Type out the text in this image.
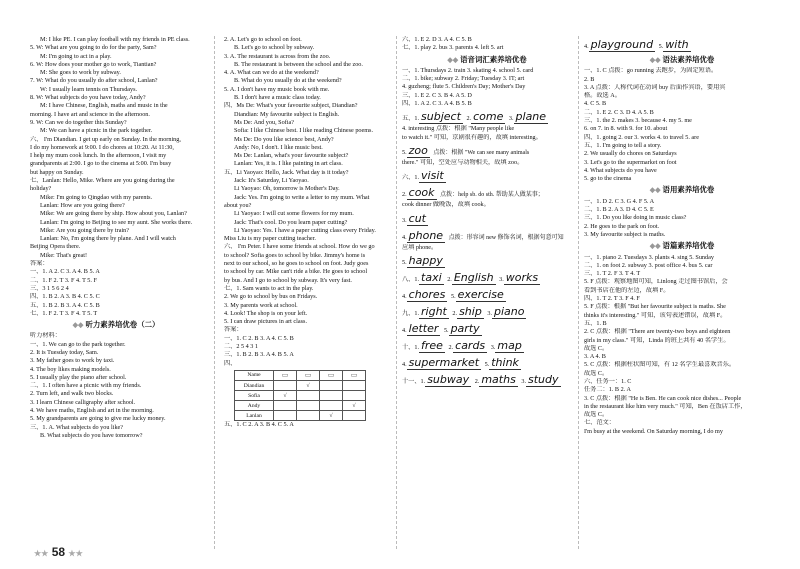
M: I like PE. I can play football with my friends in PE class.
5. W: What are you going to do for the party, Sam?
M: I'm going to act in a play.
6. W: How does your mother go to work, Tiantian?
M: She goes to work by subway.
7. W: What do you usually do after school, Lanlan?
W: I usually learn tennis on Thursdays.
8. W: What subjects do you have today, Andy?
M: I have Chinese, English, maths and music in the
morning. I have art and science in the afternoon.
9. W: Can we do together this Sunday?
M: We can have a picnic in the park together.
六、 I'm Diandian. I get up early on Sunday. In the morning,
I do my homework at 9:00. I do chores at 10:20. At 11:30,
I help my mum cook lunch. In the afternoon, I visit my
grandparents at 2:00. I go to the cinema at 5:00. I'm busy
but happy on Sunday.
七、Lanlan: Hello, Mike. Where are you going during the
holiday?
Mike: I'm going to Qingdao with my parents.
Lanlan: How are you going there?
Mike: We are going there by ship. How about you, Lanlan?
Lanlan: I'm going to Beijing to see my aunt. She works there.
Mike: Are you going there by train?
Lanlan: No, I'm going there by plane. And I will watch
Beijing Opera there.
Mike: That's great!
答案：
一、1. A 2. C 3. A 4. B 5. A
二、1. F 2. T 3. F 4. T 5. F
三、3 1 5 6 2 4
四、1. B 2. A 3. B 4. C 5. C
五、1. B 2. B 3. A 4. C 5. B
七、1. F 2. T 3. F 4. T 5. T
◆◆ 听力素养培优卷（二）
听力材料：
一、1. We can go to the park together.
2. It is Tuesday today, Sam.
3. My father goes to work by taxi.
4. The boy likes making models.
5. I usually play the piano after school.
二、1. I often have a picnic with my friends.
2. Turn left, and walk two blocks.
3. I learn Chinese calligraphy after school.
4. We have maths, English and art in the morning.
5. My grandparents are going to give me lucky money.
三、1. A. What subjects do you like?
B. What subjects do you have tomorrow?
2. A. Let's go to school on foot.
B. Let's go to school by subway.
3. A. The restaurant is across from the zoo.
B. The restaurant is between the school and the zoo.
4. A. What can we do at the weekend?
B. What do you usually do at the weekend?
5. A. I don't have my music book with me.
B. I don't have a music class today.
四、Ms De: What's your favourite subject, Diandian?
Diandian: My favourite subject is English.
Ms De: And you, Sofia?
Sofia: I like Chinese best. I like reading Chinese poems.
Ms De: Do you like science best, Andy?
Andy: No, I don't. I like music best.
Ms De: Lanlan, what's your favourite subject?
Lanlan: Yes, it is. I like painting in art class.
五、Li Yaoyao: Hello, Jack. What day is it today?
Jack: It's Saturday, Li Yaoyao.
Li Yaoyao: Oh, tomorrow is Mother's Day.
Jack: Yes. I'm going to write a letter to my mum. What
about you?
Li Yaoyao: I will cut some flowers for my mum.
Jack: That's cool. Do you learn paper cutting?
Li Yaoyao: Yes. I have a paper cutting class every Friday.
Miss Liu is my paper cutting teacher.
六、 I'm Peter. I have some friends at school. How do we go
to school? Sofia goes to school by bike. Jimmy's home is
next to our school, so he goes to school on foot. Judy goes
to school by car. Mike can't ride a bike. He goes to school
by bus. And I go to school by subway. It's very fast.
七、1. Sam wants to act in the play.
2. We go to school by bus on Fridays.
3. My parents work at school.
4. Look! The shop is on your left.
5. I can draw pictures in art class.
答案：
一、1. C 2. B 3. A 4. C 5. B
二、2 5 4 3 1
三、1. B 2. B 3. A 4. B 5. A
四、
Name	▭	▭	▭	▭
Diandian		√		
Sofia	√			
Andy				√
Lanlan			√	
五、1. C 2. A 3. B 4. C 5. A
六、1. E 2. D 3. A 4. C 5. B
七、1. play 2. bus 3. parents 4. left 5. art
◆◆ 语音词汇素养培优卷
一、1. Thursdays 2. train 3. skating 4. school 5. card
二、1. bike; subway 2. Friday; Tuesday 3. IT; art
4. guzheng; flute 5. Children's Day; Mother's Day
三、1. E 2. C 3. B 4. A 5. D
四、1. A 2. C 3. A 4. B 5. B
五、1. subject 2. come 3. plane
4. interesting 点拨：根据 "Many people like
to watch it." 可知，京剧很有趣的，故填 interesting。
5. zoo 点拨：根据 "We can see many animals
there." 可知，空处应与动物相关，故填 zoo。
六、1. visit
2. cook 点拨：help sb. do sth. 帮助某人做某事；
cook dinner 做晚饭，故填 cook。
3. cut
4. phone 点拨：形容词 new 修饰名词，根据句意可知
应填 phone。
5. happy
八、1. taxi 2. English 3. works
4. chores 5. exercise
九、1. right 2. ship 3. piano
4. letter 5. party
十、1. free 2. cards 3. map
4. supermarket 5. think
十一、1. subway 2. maths 3. study
4. playground 5. with
◆◆ 语法素养培优卷
一、1. C 点拨：go running 去跑步，为固定短语。
2. B
3. A 点拨：人称代词在动词 buy 后面作宾语，要用宾
格。故选 A。
4. C 5. B
二、1. E 2. C 3. D 4. A 5. B
三、1. the 2. makes 3. because 4. my 5. me
6. on 7. in 8. with 9. for 10. about
四、1. going 2. our 3. works 4. to travel 5. are
五、1. I'm going to tell a story.
2. We usually do chores on Saturdays
3. Let's go to the supermarket on foot
4. What subjects do you have
5. go to the cinema
◆◆ 语用素养培优卷
一、1. D 2. C 3. G 4. F 5. A
二、1. B 2. A 3. D 4. C 5. E
三、1. Do you like doing in music class?
2. He goes to the park on foot.
3. My favourite subject is maths.
◆◆ 语篇素养培优卷
一、1. piano 2. Tuesdays 3. plants 4. sing 5. Sunday
二、1. on foot 2. subway 3. post office 4. bus 5. car
三、1. T 2. F 3. T 4. T
5. F 点拨：观察地图可知，Linlong 走过图书馆后，会
看到书店在他的左边，故填 F。
四、1. T 2. T 3. F 4. F
5. F 点拨：根据 "But her favourite subject is maths. She
thinks it's interesting." 可知，该句表述错误，故填 F。
五、1. B
2. C 点拨：根据 "There are twenty-two boys and eighteen
girls in my class." 可知，Linda 的班上共有 40 名学生。
故选 C。
3. A 4. B
5. C 点拨：根据柱状图可知，有 12 名学生最喜欢音乐。
故选 C。
六、任务一：1. C
任务二：1. B 2. A
3. C 点拨：根据 "He is Ben. He can cook nice dishes... People
in the restaurant like him very much." 可知，Ben 在饭店工作，
故选 C。
七、范文：
I'm busy at the weekend. On Saturday morning, I do my
★★ 58 ★★
